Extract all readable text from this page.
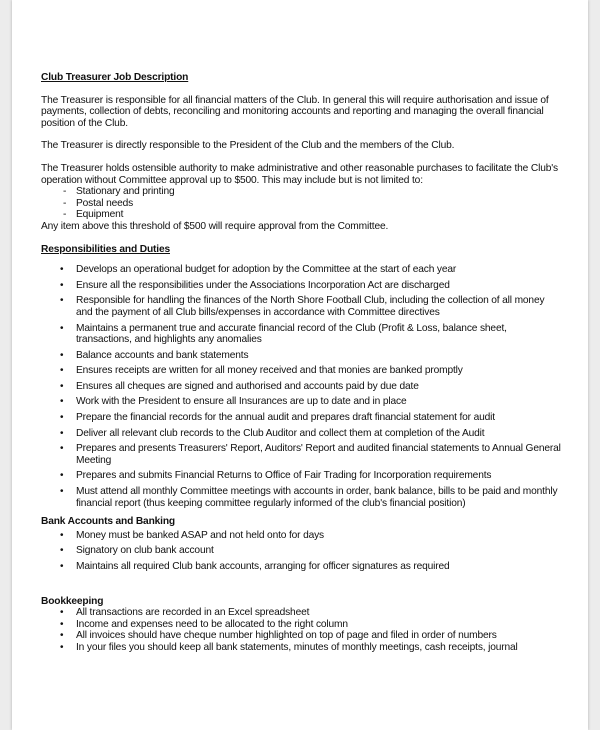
Club Treasurer Job Description

The Treasurer is responsible for all financial matters of the Club. In general this will require authorisation and issue of payments, collection of debts, reconciling and monitoring accounts and reporting and managing the overall financial position of the Club.

The Treasurer is directly responsible to the President of the Club and the members of the Club.

The Treasurer holds ostensible authority to make administrative and other reasonable purchases to facilitate the Club's operation without Committee approval up to $500. This may include but is not limited to:

- Stationary and printing
- Postal needs
- Equipment

Any item above this threshold of $500 will require approval from the Committee.

Responsibilities and Duties
• Develops an operational budget for adoption by the Committee at the start of each year
• Ensure all the responsibilities under the Associations Incorporation Act are discharged
• Responsible for handling the finances of the North Shore Football Club, including the collection of all money and the payment of all Club bills/expenses in accordance with Committee directives
• Maintains a permanent true and accurate financial record of the Club (Profit & Loss, balance sheet, transactions, and highlights any anomalies
• Balance accounts and bank statements
• Ensures receipts are written for all money received and that monies are banked promptly
• Ensures all cheques are signed and authorised and accounts paid by due date
• Work with the President to ensure all Insurances are up to date and in place
• Prepare the financial records for the annual audit and prepares draft financial statement for audit
• Deliver all relevant club records to the Club Auditor and collect them at completion of the Audit
• Prepares and presents Treasurers' Report, Auditors' Report and audited financial statements to Annual General Meeting
• Prepares and submits Financial Returns to Office of Fair Trading for Incorporation requirements
• Must attend all monthly Committee meetings with accounts in order, bank balance, bills to be paid and monthly financial report (thus keeping committee regularly informed of the club's financial position)
Bank Accounts and Banking
• Money must be banked ASAP and not held onto for days
• Signatory on club bank account
• Maintains all required Club bank accounts, arranging for officer signatures as required
Bookkeeping
• All transactions are recorded in an Excel spreadsheet
• Income and expenses need to be allocated to the right column
• All invoices should have cheque number highlighted on top of page and filed in order of numbers
• In your files you should keep all bank statements, minutes of monthly meetings, cash receipts, journal
